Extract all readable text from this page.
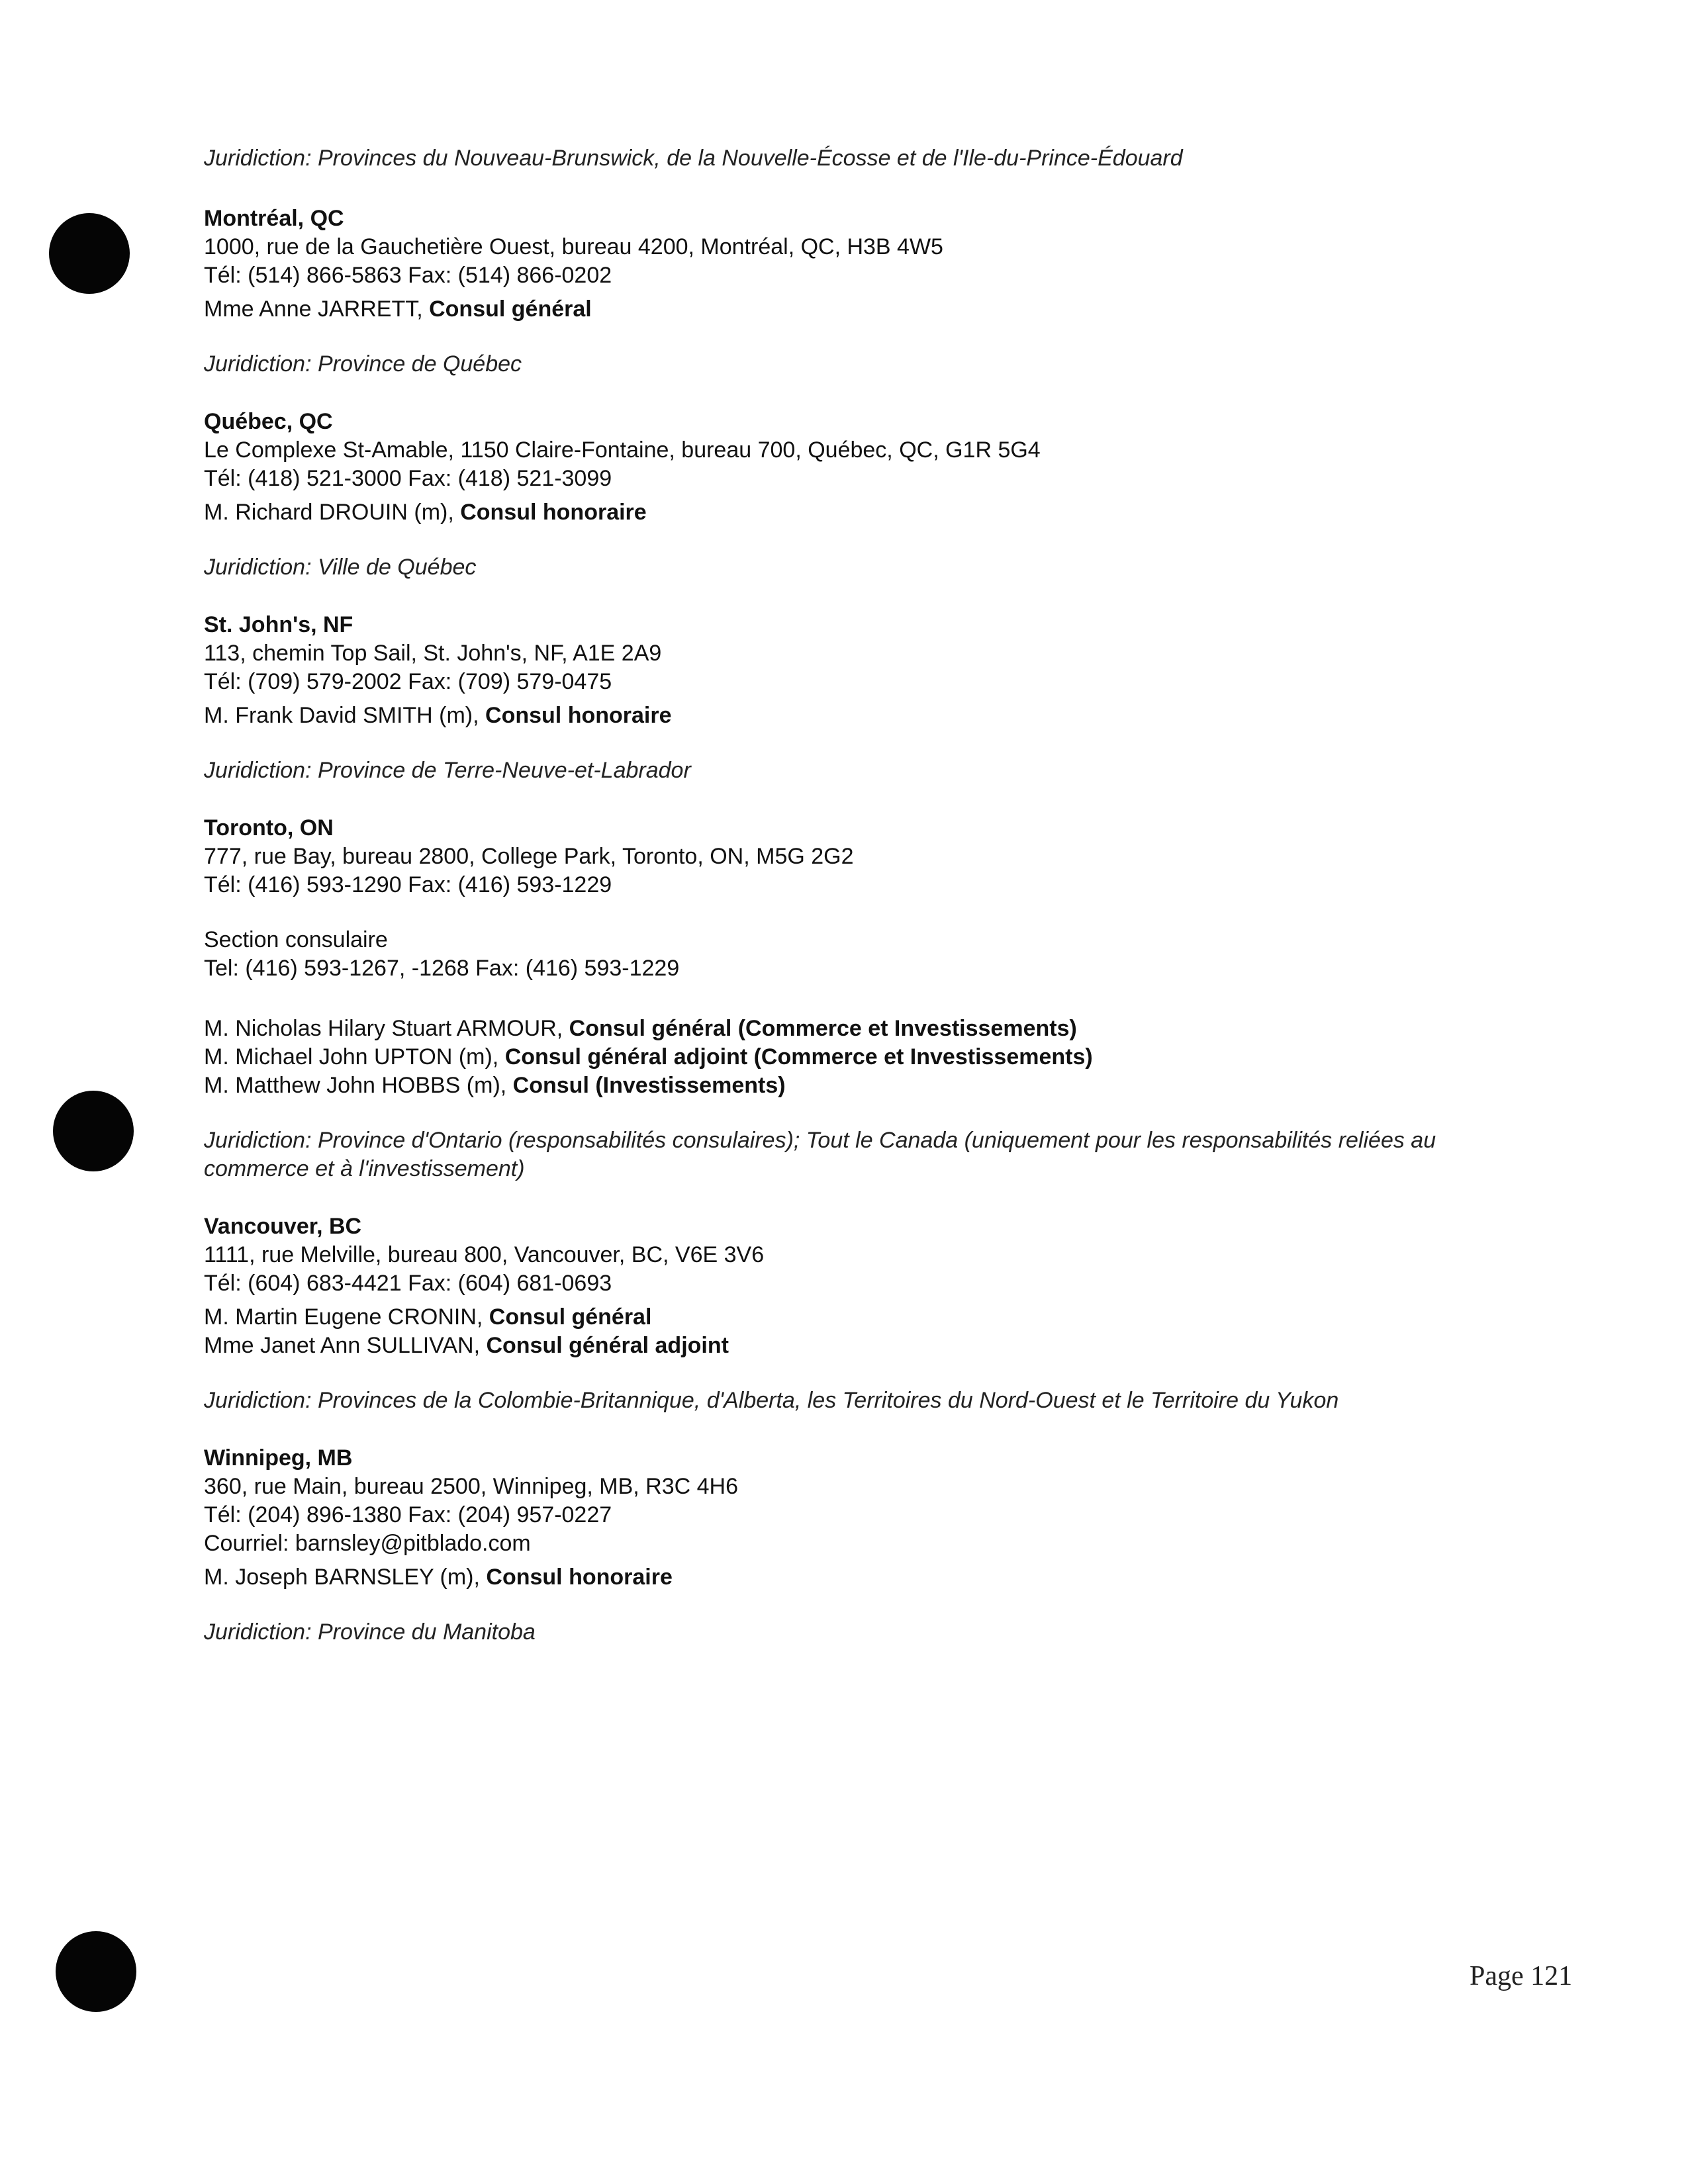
Juridiction: Provinces du Nouveau-Brunswick, de la Nouvelle-Écosse et de l'Ile-du-Prince-Édouard

Montréal, QC

1000, rue de la Gauchetière Ouest, bureau 4200, Montréal, QC, H3B 4W5

Tél: (514) 866-5863 Fax: (514) 866-0202

Mme Anne JARRETT, Consul général

Juridiction: Province de Québec

Québec, QC

Le Complexe St-Amable, 1150 Claire-Fontaine, bureau 700, Québec, QC, G1R 5G4

Tél: (418) 521-3000 Fax: (418) 521-3099

M. Richard DROUIN (m), Consul honoraire

Juridiction: Ville de Québec

St. John's, NF

113, chemin Top Sail, St. John's, NF, A1E 2A9

Tél: (709) 579-2002 Fax: (709) 579-0475

M. Frank David SMITH (m), Consul honoraire

Juridiction: Province de Terre-Neuve-et-Labrador

Toronto, ON

777, rue Bay, bureau 2800, College Park, Toronto, ON, M5G 2G2

Tél: (416) 593-1290 Fax: (416) 593-1229

Section consulaire

Tel: (416) 593-1267, -1268 Fax: (416) 593-1229

M. Nicholas Hilary Stuart ARMOUR, Consul général (Commerce et Investissements)

M. Michael John UPTON (m), Consul général adjoint (Commerce et Investissements)

M. Matthew John HOBBS (m), Consul (Investissements)

Juridiction: Province d'Ontario (responsabilités consulaires); Tout le Canada (uniquement pour les responsabilités reliées au commerce et à l'investissement)

Vancouver, BC

1111, rue Melville, bureau 800, Vancouver, BC, V6E 3V6

Tél: (604) 683-4421 Fax: (604) 681-0693

M. Martin Eugene CRONIN, Consul général

Mme Janet Ann SULLIVAN, Consul général adjoint

Juridiction: Provinces de la Colombie-Britannique, d'Alberta, les Territoires du Nord-Ouest et le Territoire du Yukon

Winnipeg, MB

360, rue Main, bureau 2500, Winnipeg, MB, R3C 4H6

Tél: (204) 896-1380 Fax: (204) 957-0227

Courriel: barnsley@pitblado.com

M. Joseph BARNSLEY (m), Consul honoraire

Juridiction: Province du Manitoba

Page 121
